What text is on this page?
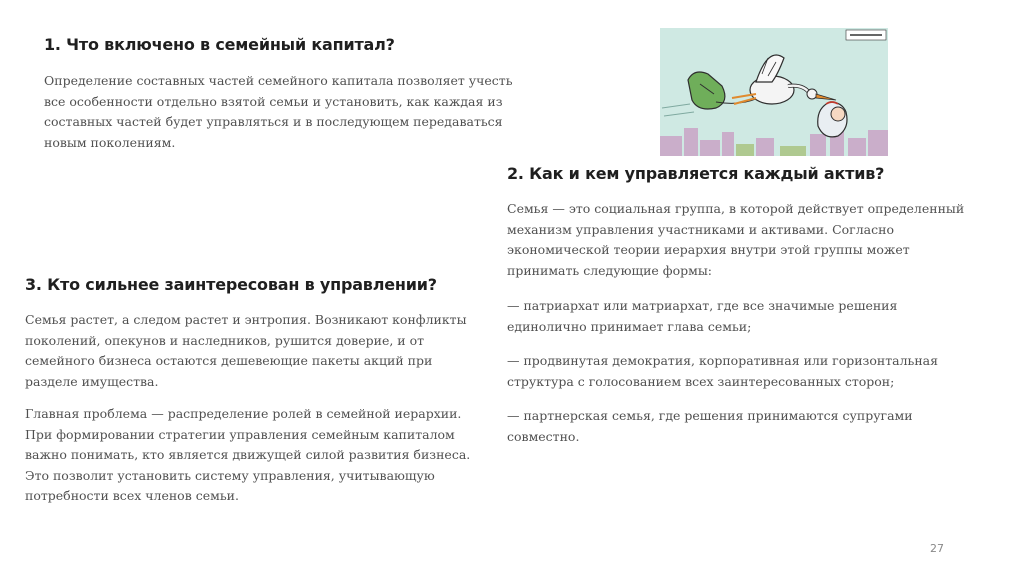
1. Что включено в семейный капитал?

Определение составных частей семейного капитала позволяет учесть все особенности отдельно взятой семьи и установить, как каждая из составных частей будет управляться и в последующем передаваться новым поколениям.

2. Как и кем управляется каждый актив?

Семья — это социальная группа, в которой действует определенный механизм управления участниками и активами. Согласно экономической теории иерархия внутри этой группы может принимать следующие формы:

— патриархат или матриархат, где все значимые решения единолично принимает глава семьи;

— продвинутая демократия, корпоративная или горизонтальная структура с голосованием всех заинтересованных сторон;

— партнерская семья, где решения принимаются супругами совместно.

3. Кто сильнее заинтересован в управлении?

Семья растет, а следом растет и энтропия. Возникают конфликты поколений, опекунов и наследников, рушится доверие, и от семейного бизнеса остаются дешевеющие пакеты акций при разделе имущества.

Главная проблема — распределение ролей в семейной иерархии. При формировании стратегии управления семейным капиталом важно понимать, кто является движущей силой развития бизнеса. Это позволит установить систему управления, учитывающую потребности всех членов семьи.

27
